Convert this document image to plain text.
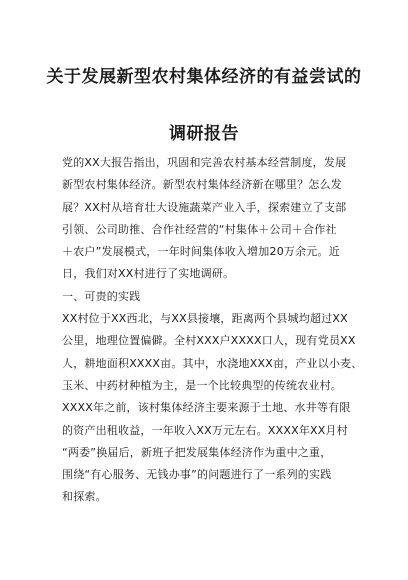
关于发展新型农村集体经济的有益尝试的
调研报告
党的XX大报告指出，巩固和完善农村基本经营制度，发展
新型农村集体经济。新型农村集体经济新在哪里？怎么发
展？XX村从培育壮大设施蔬菜产业入手，探索建立了支部
引领、公司助推、合作社经营的“村集体＋公司＋合作社
＋农户”发展模式，一年时间集体收入增加20万余元。近
日，我们对XX村进行了实地调研。
一、可贵的实践
XX村位于XX西北，与XX县接壤，距离两个县城均超过XX
公里，地理位置偏僻。全村XXX户XXXX口人，现有党员XX
人，耕地面积XXXX亩。其中，水浇地XXX亩，产业以小麦、
玉米、中药材种植为主，是一个比较典型的传统农业村。
XXXX年之前，该村集体经济主要来源于土地、水井等有限
的资产出租收益，一年收入XX万元左右。XXXX年XX月村
“两委”换届后，新班子把发展集体经济作为重中之重，
围绕“有心服务、无钱办事”的问题进行了一系列的实践
和探索。
